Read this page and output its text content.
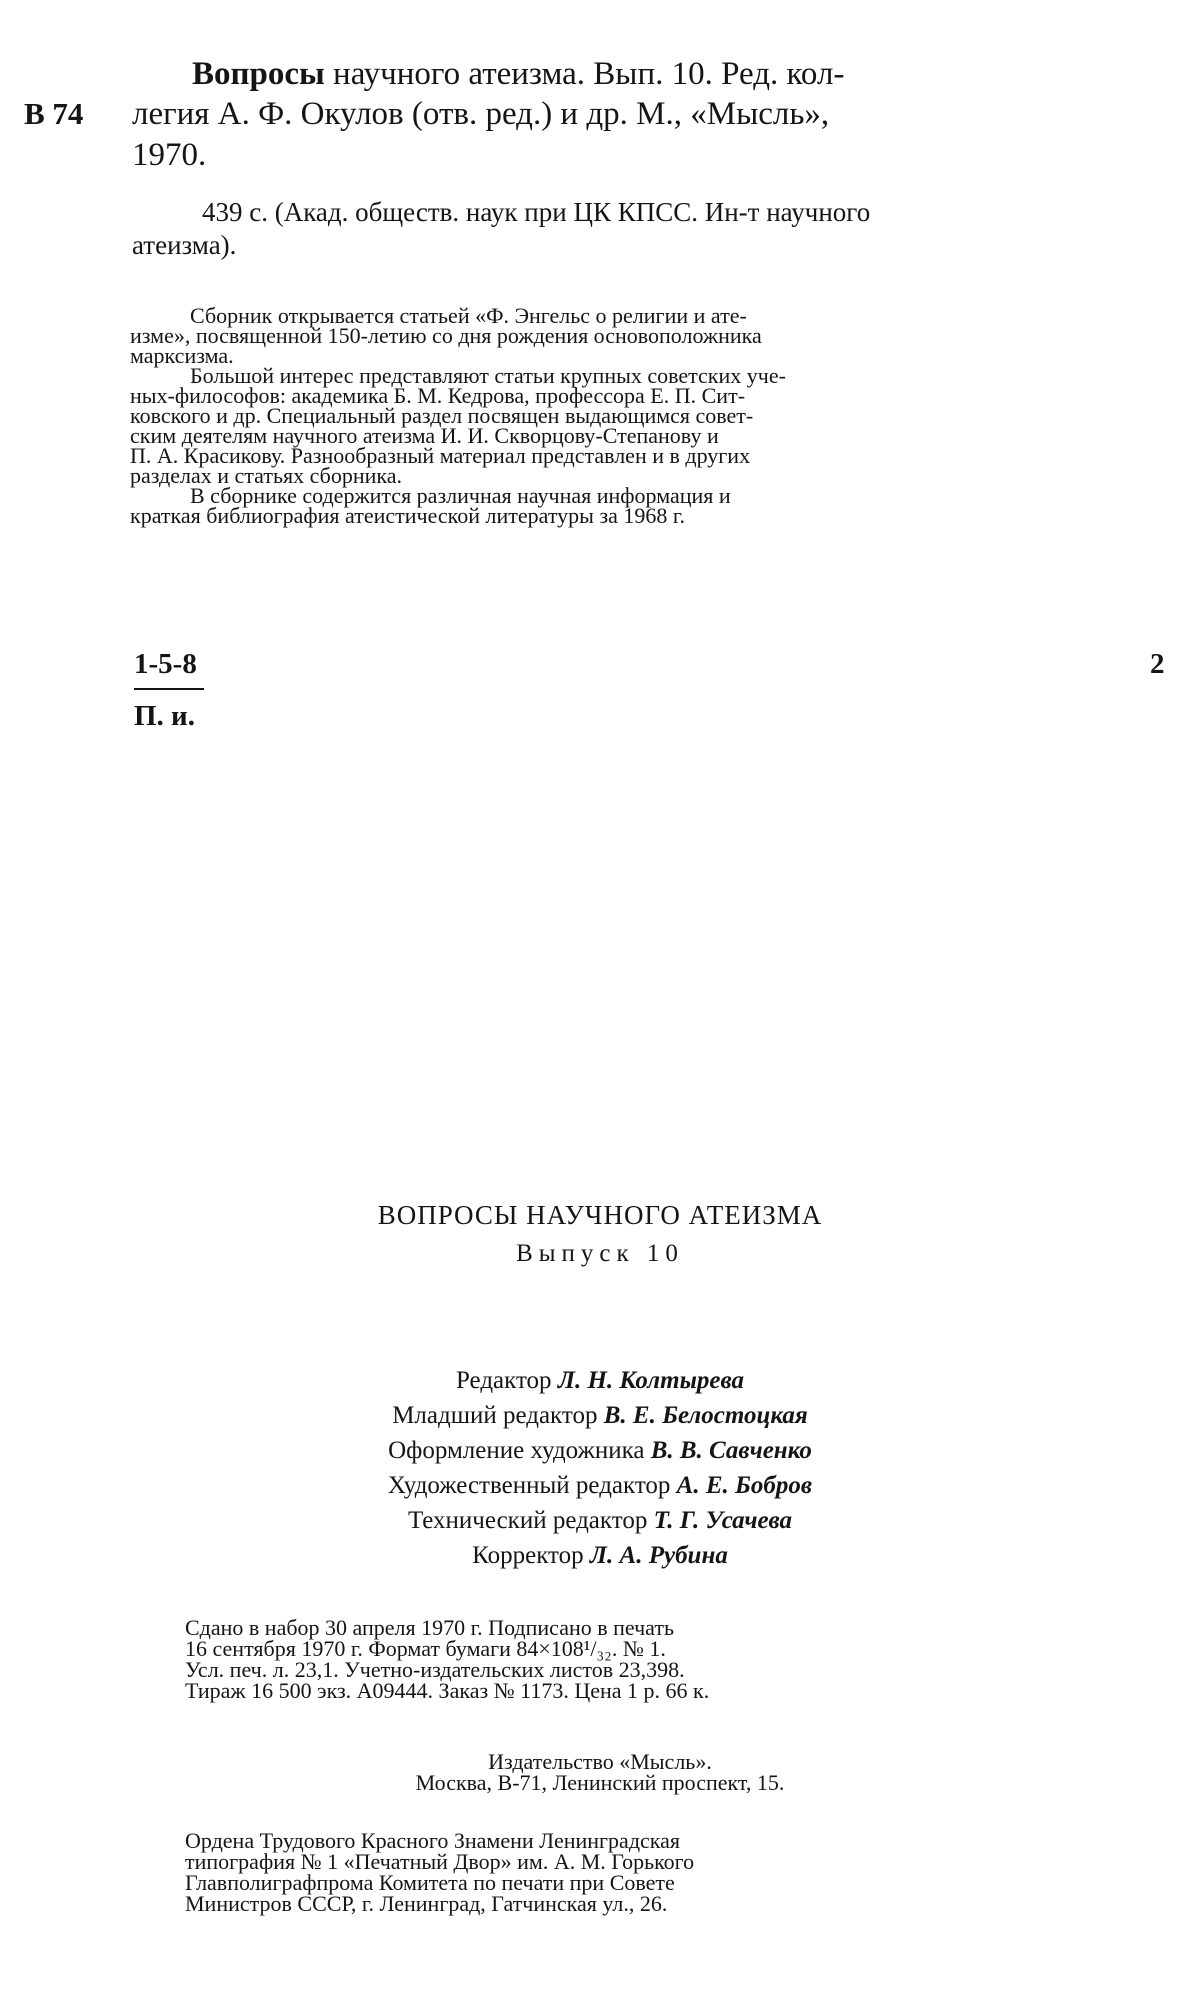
В 74
Вопросы научного атеизма. Вып. 10. Ред. кол-
легия А. Ф. Окулов (отв. ред.) и др. М., «Мысль»,
1970.
439 с. (Акад. обществ. наук при ЦК КПСС. Ин-т научного
атеизма).
Сборник открывается статьей «Ф. Энгельс о религии и ате-
изме», посвященной 150-летию со дня рождения основоположника
марксизма.
Большой интерес представляют статьи крупных советских уче-
ных-философов: академика Б. М. Кедрова, профессора Е. П. Сит-
ковского и др. Специальный раздел посвящен выдающимся совет-
ским деятелям научного атеизма И. И. Скворцову-Степанову и
П. А. Красикову. Разнообразный материал представлен и в других
разделах и статьях сборника.
В сборнике содержится различная научная информация и
краткая библиография атеистической литературы за 1968 г.
1-5-8
П. и.
2
ВОПРОСЫ НАУЧНОГО АТЕИЗМА
Выпуск 10
Редактор Л. Н. Колтырева
Младший редактор В. Е. Белостоцкая
Оформление художника В. В. Савченко
Художественный редактор А. Е. Бобров
Технический редактор Т. Г. Усачева
Корректор Л. А. Рубина
Сдано в набор 30 апреля 1970 г. Подписано в печать
16 сентября 1970 г. Формат бумаги 84×108¹/₃₂. № 1.
Усл. печ. л. 23,1. Учетно-издательских листов 23,398.
Тираж 16 500 экз. А09444. Заказ № 1173. Цена 1 р. 66 к.
Издательство «Мысль».
Москва, В-71, Ленинский проспект, 15.
Ордена Трудового Красного Знамени Ленинградская
типография № 1 «Печатный Двор» им. А. М. Горького
Главполиграфпрома Комитета по печати при Совете
Министров СССР, г. Ленинград, Гатчинская ул., 26.
